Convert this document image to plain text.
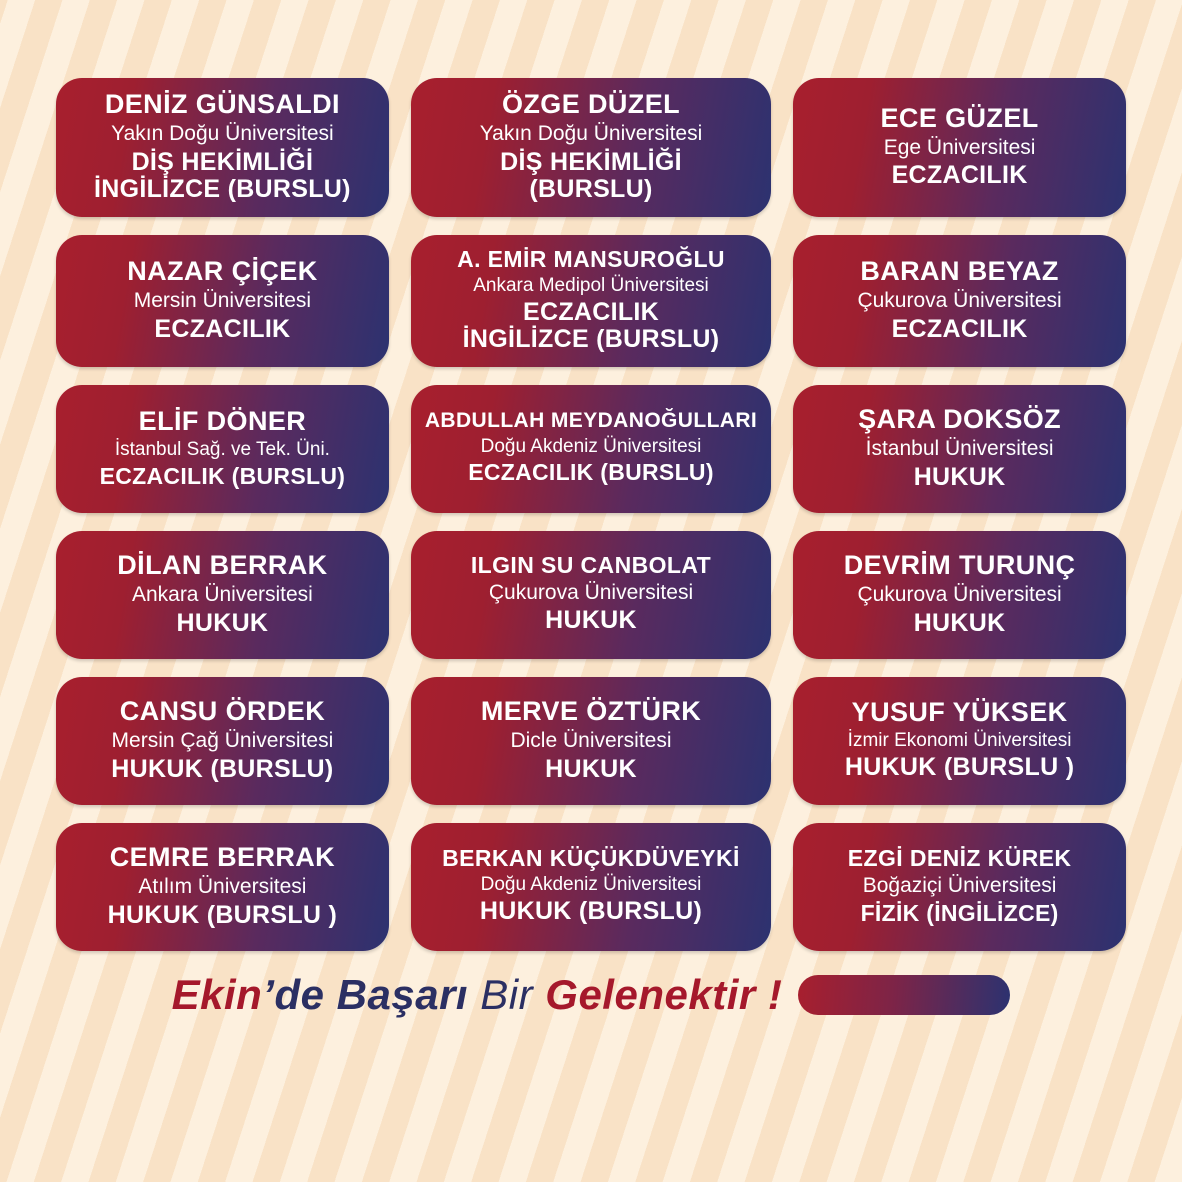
DENİZ GÜNSALDI
Yakın Doğu Üniversitesi
DİŞ HEKİMLİĞİ
İNGİLİZCE (BURSLU)
ÖZGE DÜZEL
Yakın Doğu Üniversitesi
DİŞ HEKİMLİĞİ
(BURSLU)
ECE GÜZEL
Ege Üniversitesi
ECZACILIK
NAZAR ÇİÇEK
Mersin Üniversitesi
ECZACILIK
A. EMİR MANSUROĞLU
Ankara Medipol Üniversitesi
ECZACILIK
İNGİLİZCE (BURSLU)
BARAN BEYAZ
Çukurova Üniversitesi
ECZACILIK
ELİF DÖNER
İstanbul Sağ. ve Tek. Üni.
ECZACILIK (BURSLU)
ABDULLAH MEYDANOĞULLARI
Doğu Akdeniz Üniversitesi
ECZACILIK (BURSLU)
ŞARA DOKSÖZ
İstanbul Üniversitesi
HUKUK
DİLAN BERRAK
Ankara Üniversitesi
HUKUK
ILGIN SU CANBOLAT
Çukurova Üniversitesi
HUKUK
DEVRİM TURUNÇ
Çukurova Üniversitesi
HUKUK
CANSU ÖRDEK
Mersin Çağ Üniversitesi
HUKUK (BURSLU)
MERVE ÖZTÜRK
Dicle Üniversitesi
HUKUK
YUSUF YÜKSEK
İzmir Ekonomi Üniversitesi
HUKUK (BURSLU )
CEMRE BERRAK
Atılım Üniversitesi
HUKUK (BURSLU )
BERKAN KÜÇÜKDÜVEYKİ
Doğu Akdeniz Üniversitesi
HUKUK (BURSLU)
EZGİ DENİZ KÜREK
Boğaziçi Üniversitesi
FİZİK (İNGİLİZCE)
Ekin’de Başarı Bir Gelenektir !
